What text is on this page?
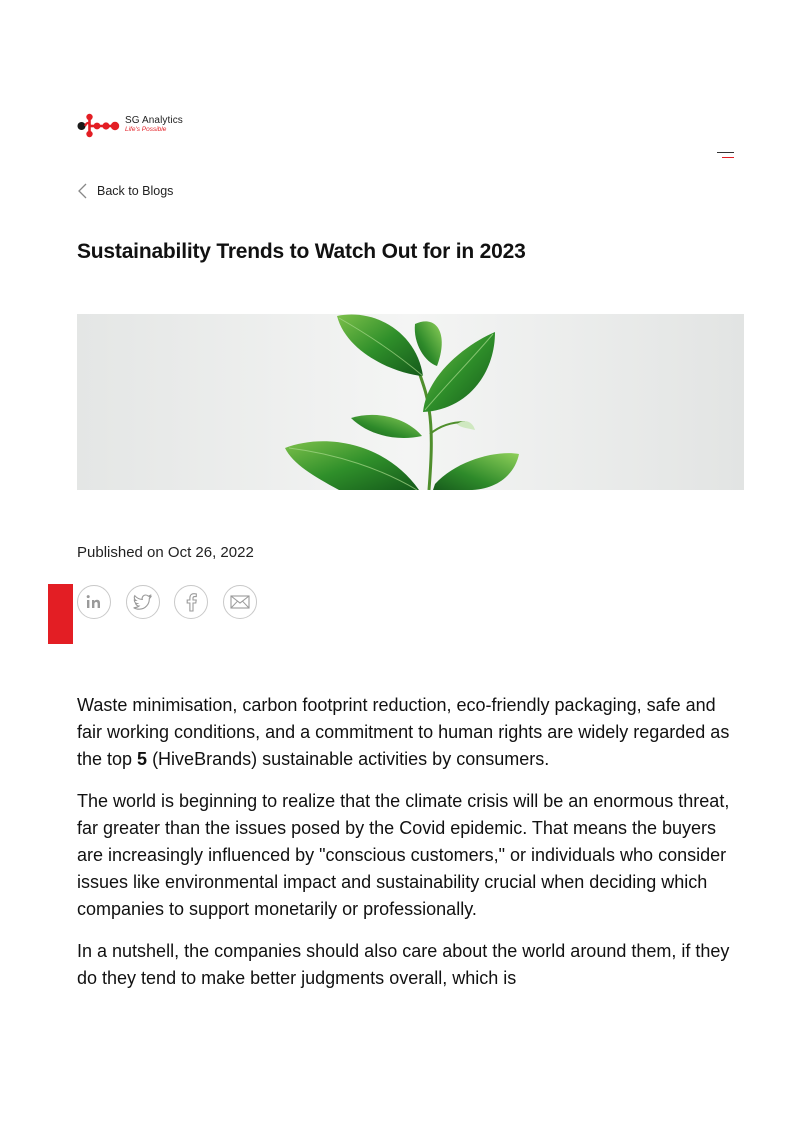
SG Analytics
Life's Possible
Back to Blogs
Sustainability Trends to Watch Out for in 2023
Published on Oct 26, 2022

Waste minimisation, carbon footprint reduction, eco-friendly packaging, safe and fair working conditions, and a commitment to human rights are widely regarded as the top 5 (HiveBrands) sustainable activities by consumers.

The world is beginning to realize that the climate crisis will be an enormous threat, far greater than the issues posed by the Covid epidemic. That means the buyers are increasingly influenced by "conscious customers," or individuals who consider issues like environmental impact and sustainability crucial when deciding which companies to support monetarily or professionally.

In a nutshell, the companies should also care about the world around them, if they do they tend to make better judgments overall, which is
